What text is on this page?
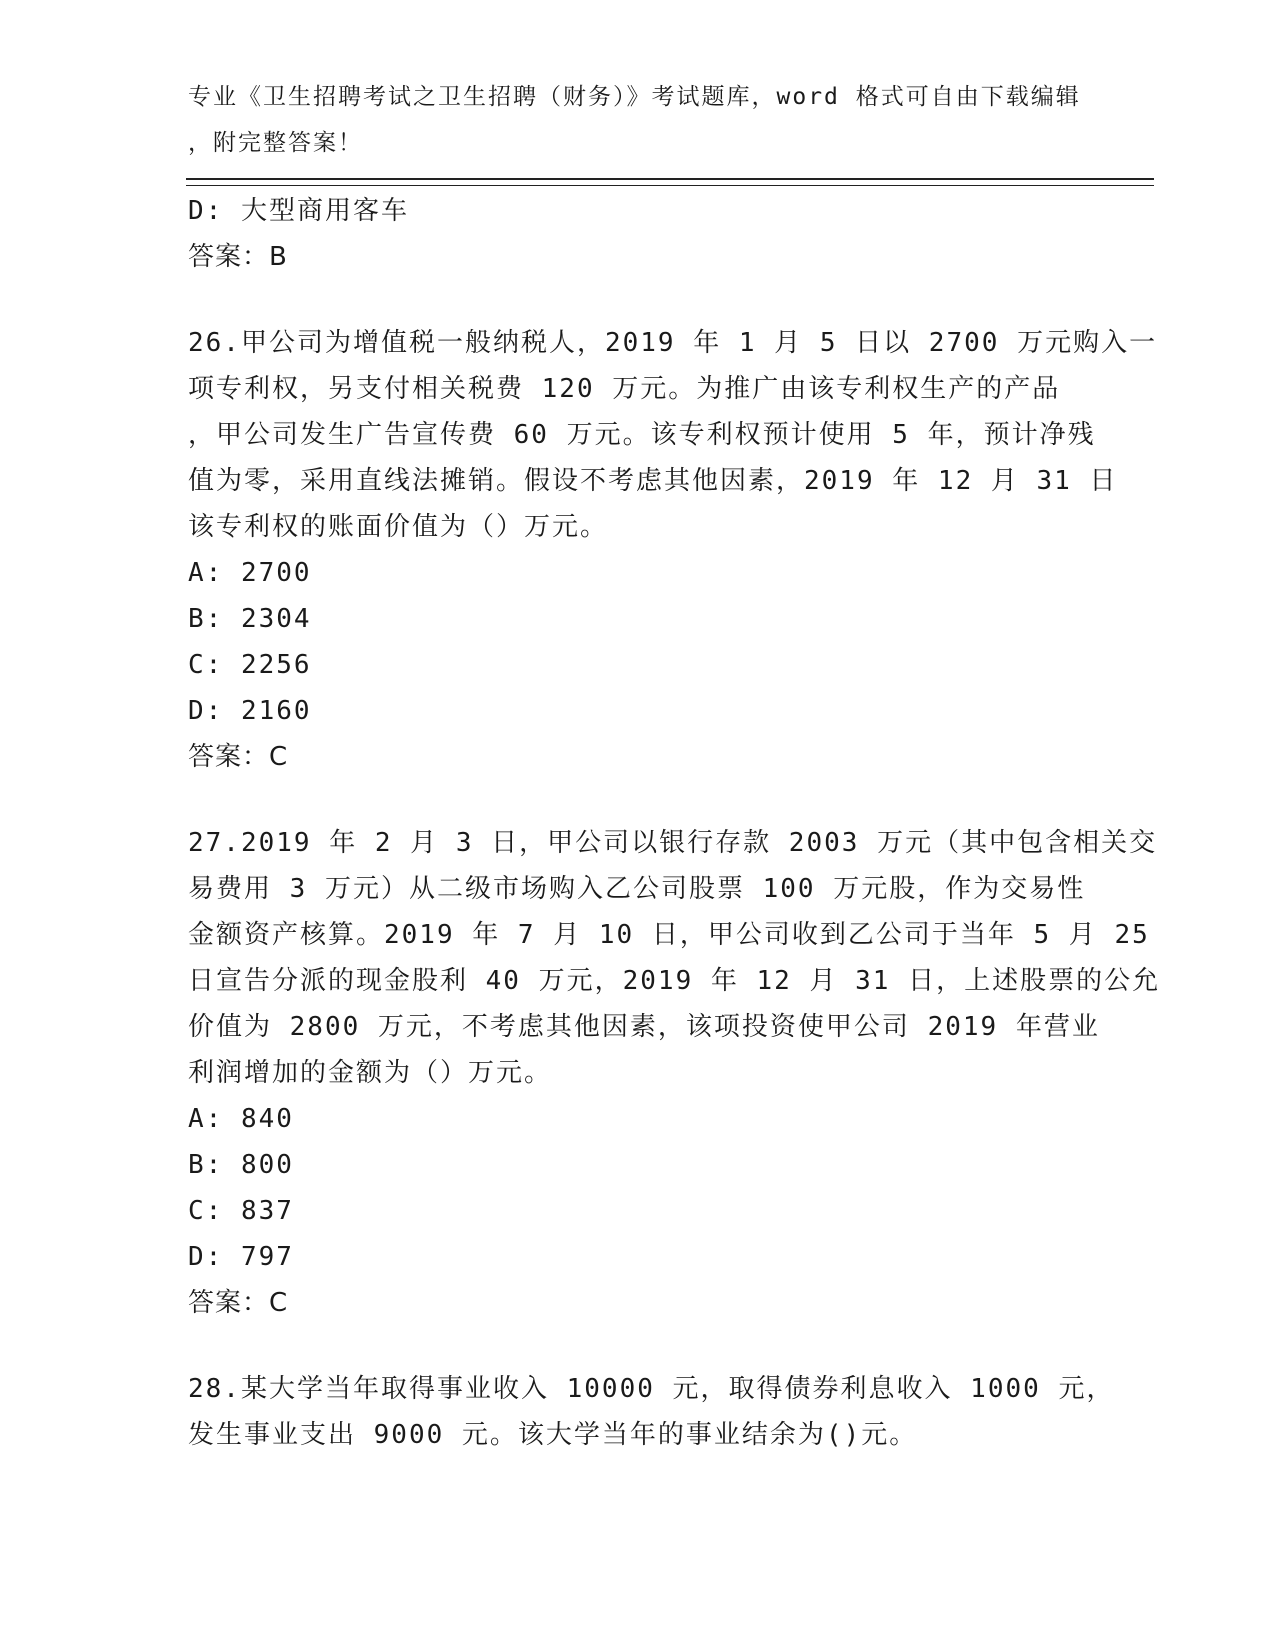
专业《卫生招聘考试之卫生招聘（财务）》考试题库，word 格式可自由下载编辑
，附完整答案！
D: 大型商用客车
答案：B
26.甲公司为增值税一般纳税人，2019 年 1 月 5 日以 2700 万元购入一
项专利权，另支付相关税费 120 万元。为推广由该专利权生产的产品
，甲公司发生广告宣传费 60 万元。该专利权预计使用 5 年，预计净残
值为零，采用直线法摊销。假设不考虑其他因素，2019 年 12 月 31 日
该专利权的账面价值为（）万元。
A: 2700
B: 2304
C: 2256
D: 2160
答案：C
27.2019 年 2 月 3 日，甲公司以银行存款 2003 万元（其中包含相关交
易费用 3 万元）从二级市场购入乙公司股票 100 万元股，作为交易性
金额资产核算。2019 年 7 月 10 日，甲公司收到乙公司于当年 5 月 25
日宣告分派的现金股利 40 万元，2019 年 12 月 31 日，上述股票的公允
价值为 2800 万元，不考虑其他因素，该项投资使甲公司 2019 年营业
利润增加的金额为（）万元。
A: 840
B: 800
C: 837
D: 797
答案：C
28.某大学当年取得事业收入 10000 元，取得债券利息收入 1000 元，
发生事业支出 9000 元。该大学当年的事业结余为()元。
